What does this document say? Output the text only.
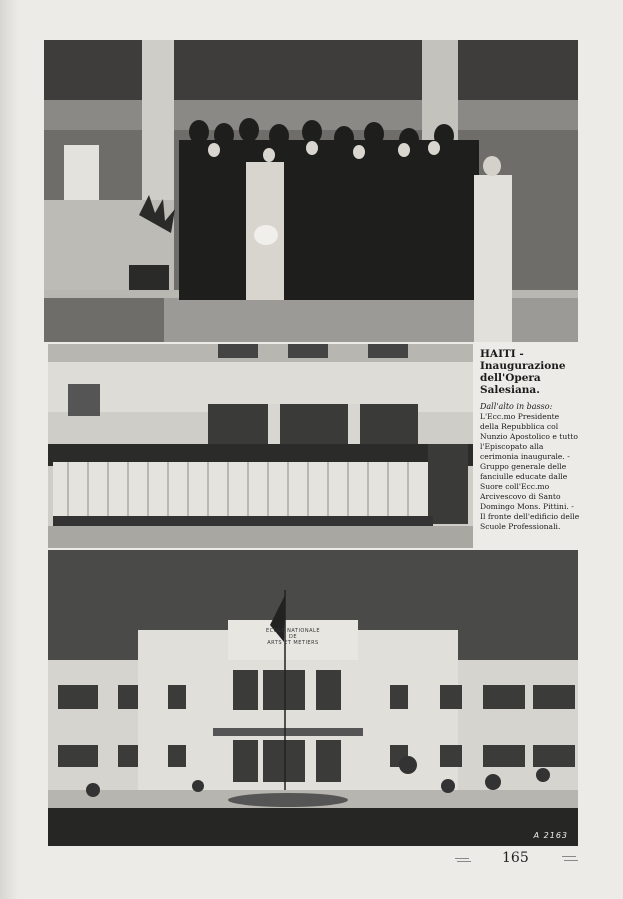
HAITI - Inaugurazione dell'Opera Salesiana.

Dall'alto in basso: L'Ecc.mo Presidente della Repubblica col Nunzio Apostolico e tutto l'Episcopato alla cerimonia inaugurale. - Gruppo generale delle fanciulle educate dalle Suore coll'Ecc.mo Arcivescovo di Santo Domingo Mons. Pittini. - Il fronte dell'edificio delle Scuole Professionali.

ECOLE NATIONALE
DE
ARTS ET METIERS
A 2163
165
